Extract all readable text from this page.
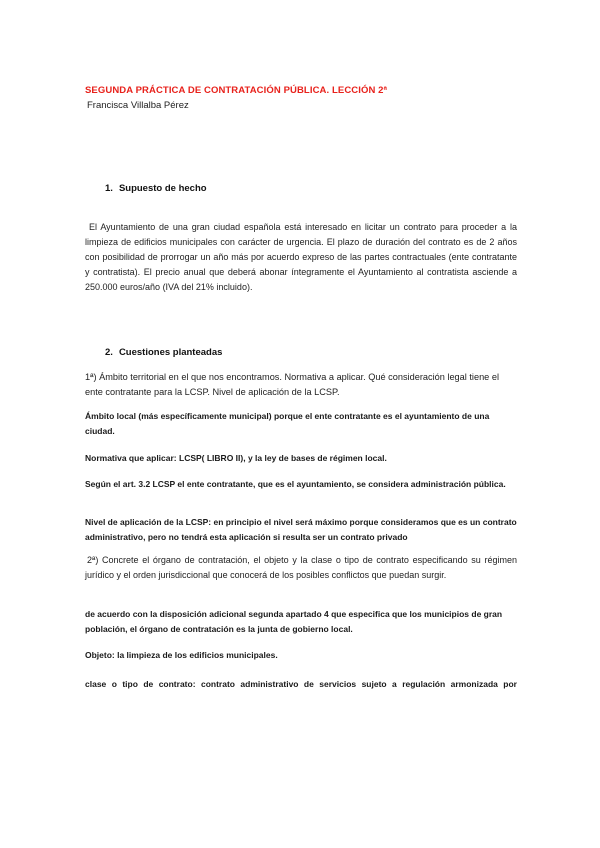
SEGUNDA PRÁCTICA DE CONTRATACIÓN PÚBLICA. LECCIÓN 2ª
Francisca Villalba Pérez
1. Supuesto de hecho

El Ayuntamiento de una gran ciudad española está interesado en licitar un contrato para proceder a la limpieza de edificios municipales con carácter de urgencia. El plazo de duración del contrato es de 2 años con posibilidad de prorrogar un año más por acuerdo expreso de las partes contractuales (ente contratante y contratista). El precio anual que deberá abonar íntegramente el Ayuntamiento al contratista asciende a 250.000 euros/año (IVA del 21% incluido).

2. Cuestiones planteadas

1ª) Ámbito territorial en el que nos encontramos. Normativa a aplicar. Qué consideración legal tiene el ente contratante para la LCSP. Nivel de aplicación de la LCSP.

Ámbito local (más específicamente municipal) porque el ente contratante es el ayuntamiento de una ciudad.

Normativa que aplicar: LCSP( LIBRO II), y la ley de bases de régimen local.

Según el art. 3.2 LCSP el ente contratante, que es el ayuntamiento, se considera administración pública.

Nivel de aplicación de la LCSP: en principio el nivel será máximo porque consideramos que es un contrato administrativo, pero no tendrá esta aplicación si resulta ser un contrato privado

2ª) Concrete el órgano de contratación, el objeto y la clase o tipo de contrato especificando su régimen jurídico y el orden jurisdiccional que conocerá de los posibles conflictos que puedan surgir.

de acuerdo con la disposición adicional segunda apartado 4 que especifica que los municipios de gran población, el órgano de contratación es la junta de gobierno local.

Objeto: la limpieza de los edificios municipales.

clase o tipo de contrato: contrato administrativo de servicios sujeto a regulación armonizada por
